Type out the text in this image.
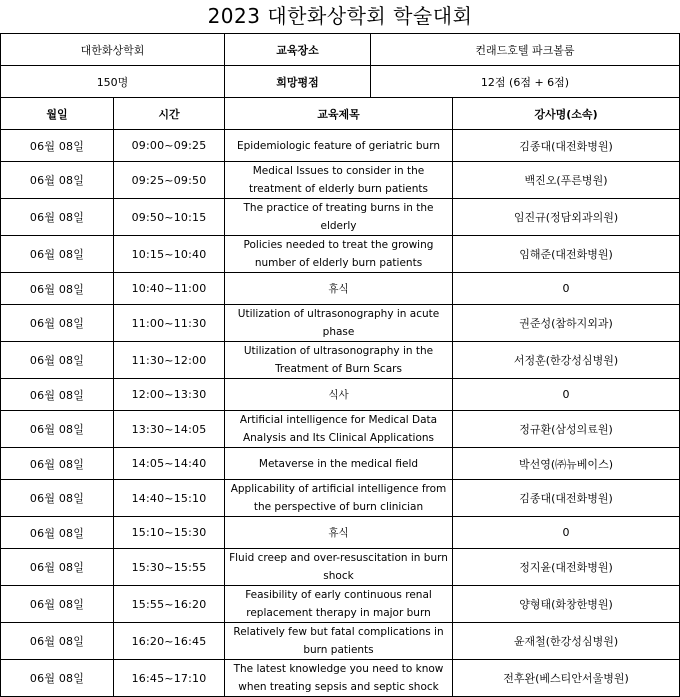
2023 대한화상학회 학술대회
대한화상학회	교육장소	컨래드호텔 파크볼룸
150명	희망평점	12점 (6점 + 6점)
월일	시간	교육제목	강사명(소속)
06월 08일	09:00~09:25	Epidemiologic feature of geriatric burn	김종대(대전화병원)
06월 08일	09:25~09:50	Medical Issues to consider in the treatment of elderly burn patients	백진오(푸른병원)
06월 08일	09:50~10:15	The practice of treating burns in the elderly	임진규(정담외과의원)
06월 08일	10:15~10:40	Policies needed to treat the growing number of elderly burn patients	임해준(대전화병원)
06월 08일	10:40~11:00	휴식	0
06월 08일	11:00~11:30	Utilization of ultrasonography in acute phase	권준성(참하지외과)
06월 08일	11:30~12:00	Utilization of ultrasonography in the Treatment of Burn Scars	서정훈(한강성심병원)
06월 08일	12:00~13:30	식사	0
06월 08일	13:30~14:05	Artificial intelligence for Medical Data Analysis and Its Clinical Applications	정규환(삼성의료원)
06월 08일	14:05~14:40	Metaverse in the medical field	박선영(㈜뉴베이스)
06월 08일	14:40~15:10	Applicability of artificial intelligence from the perspective of burn clinician	김종대(대전화병원)
06월 08일	15:10~15:30	휴식	0
06월 08일	15:30~15:55	Fluid creep and over-resuscitation in burn shock	정지윤(대전화병원)
06월 08일	15:55~16:20	Feasibility of early continuous renal replacement therapy in major burn	양형태(화창한병원)
06월 08일	16:20~16:45	Relatively few but fatal complications in burn patients	윤재철(한강성심병원)
06월 08일	16:45~17:10	The latest knowledge you need to know when treating sepsis and septic shock	전후완(베스티안서울병원)
